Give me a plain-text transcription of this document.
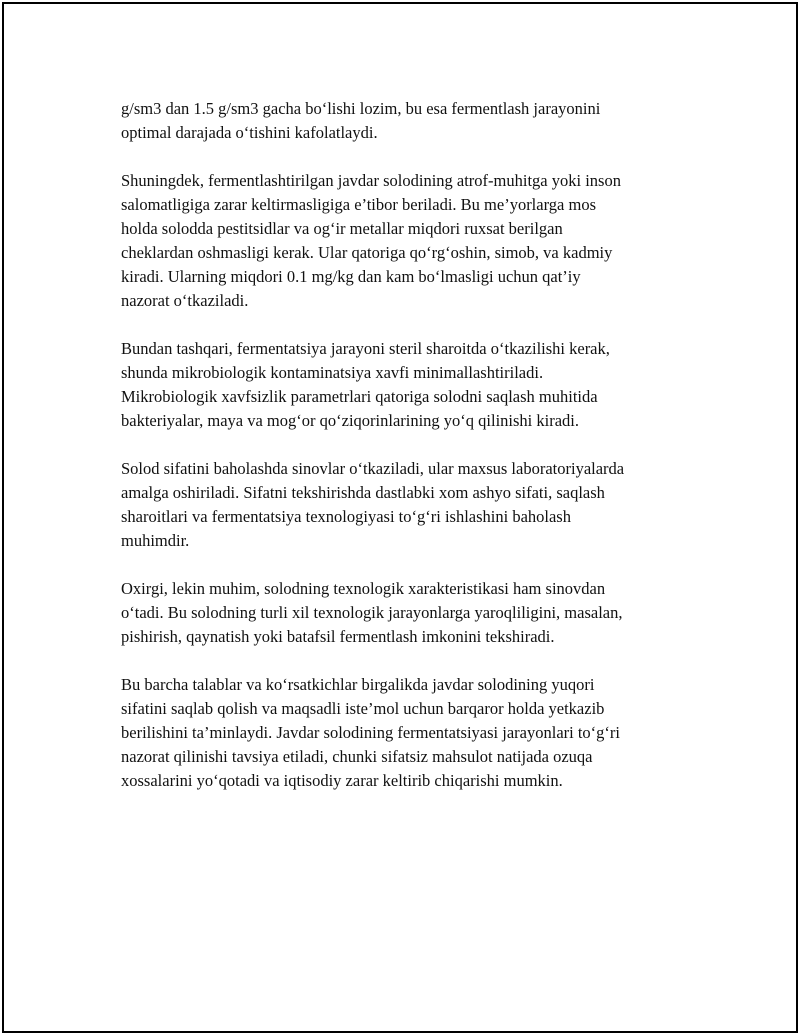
g/sm3 dan 1.5 g/sm3 gacha bo‘lishi lozim, bu esa fermentlash jarayonini
optimal darajada o‘tishini kafolatlaydi.

Shuningdek, fermentlashtirilgan javdar solodining atrof-muhitga yoki inson
salomatligiga zarar keltirmasligiga e’tibor beriladi. Bu me’yorlarga mos
holda solodda pestitsidlar va og‘ir metallar miqdori ruxsat berilgan
cheklardan oshmasligi kerak. Ular qatoriga qo‘rg‘oshin, simob, va kadmiy
kiradi. Ularning miqdori 0.1 mg/kg dan kam bo‘lmasligi uchun qat’iy
nazorat o‘tkaziladi.

Bundan tashqari, fermentatsiya jarayoni steril sharoitda o‘tkazilishi kerak,
shunda mikrobiologik kontaminatsiya xavfi minimallashtiriladi.
Mikrobiologik xavfsizlik parametrlari qatoriga solodni saqlash muhitida
bakteriyalar, maya va mog‘or qo‘ziqorinlarining yo‘q qilinishi kiradi.

Solod sifatini baholashda sinovlar o‘tkaziladi, ular maxsus laboratoriyalarda
amalga oshiriladi. Sifatni tekshirishda dastlabki xom ashyo sifati, saqlash
sharoitlari va fermentatsiya texnologiyasi to‘g‘ri ishlashini baholash
muhimdir.

Oxirgi, lekin muhim, solodning texnologik xarakteristikasi ham sinovdan
o‘tadi. Bu solodning turli xil texnologik jarayonlarga yaroqliligini, masalan,
pishirish, qaynatish yoki batafsil fermentlash imkonini tekshiradi.

Bu barcha talablar va ko‘rsatkichlar birgalikda javdar solodining yuqori
sifatini saqlab qolish va maqsadli iste’mol uchun barqaror holda yetkazib
berilishini ta’minlaydi. Javdar solodining fermentatsiyasi jarayonlari to‘g‘ri
nazorat qilinishi tavsiya etiladi, chunki sifatsiz mahsulot natijada ozuqa
xossalarini yo‘qotadi va iqtisodiy zarar keltirib chiqarishi mumkin.
